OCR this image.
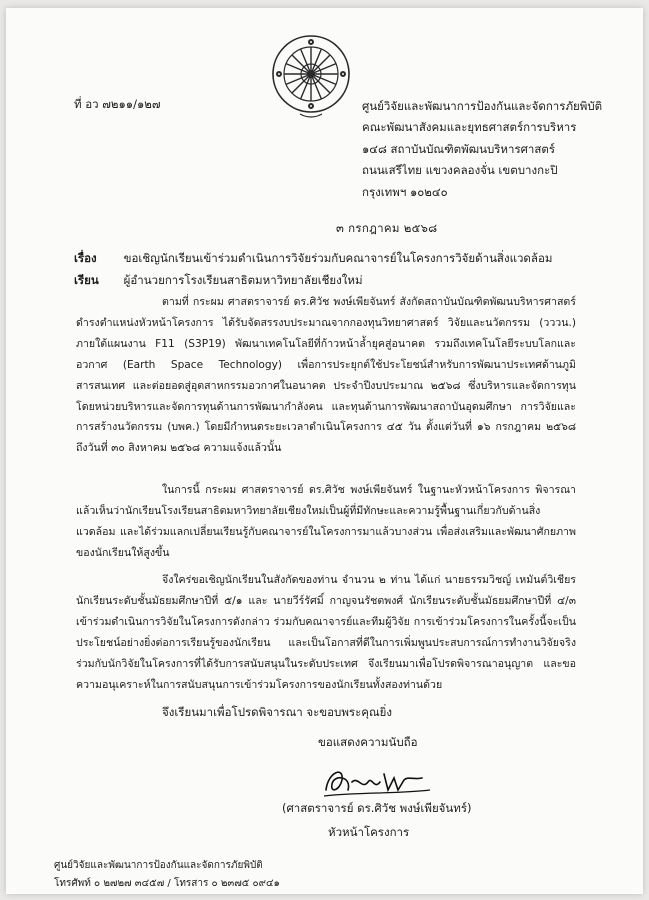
ที่ อว ๗๒๑๑/๑๒๗	ศูนย์วิจัยและพัฒนาการป้องกันและจัดการภัยพิบัติ
คณะพัฒนาสังคมและยุทธศาสตร์การบริหาร
๑๔๘ สถาบันบัณฑิตพัฒนบริหารศาสตร์
ถนนเสรีไทย แขวงคลองจั่น เขตบางกะปิ
กรุงเทพฯ ๑๐๒๔๐
๓ กรกฎาคม ๒๕๖๘
เรื่อง ขอเชิญนักเรียนเข้าร่วมดำเนินการวิจัยร่วมกับคณาจารย์ในโครงการวิจัยด้านสิ่งแวดล้อม
เรียน ผู้อำนวยการโรงเรียนสาธิตมหาวิทยาลัยเชียงใหม่
ตามที่ กระผม ศาสตราจารย์ ดร.ศิวัช พงษ์เพียจันทร์ สังกัดสถาบันบัณฑิตพัฒนบริหารศาสตร์ ดำรงตำแหน่งหัวหน้าโครงการ ได้รับจัดสรรงบประมาณจากกองทุนวิทยาศาสตร์ วิจัยและนวัตกรรม (วววน.) ภายใต้แผนงาน F11 (S3P19) พัฒนาเทคโนโลยีที่ก้าวหน้าล้ำยุคสู่อนาคต รวมถึงเทคโนโลยีระบบโลกและอวกาศ (Earth Space Technology) เพื่อการประยุกต์ใช้ประโยชน์สำหรับการพัฒนาประเทศด้านภูมิสารสนเทศ และต่อยอดสู่อุตสาหกรรมอวกาศในอนาคต ประจำปีงบประมาณ ๒๕๖๘ ซึ่งบริหารและจัดการทุนโดยหน่วยบริหารและจัดการทุนด้านการพัฒนากำลังคน และทุนด้านการพัฒนาสถาบันอุดมศึกษา การวิจัยและการสร้างนวัตกรรม (บพค.) โดยมีกำหนดระยะเวลาดำเนินโครงการ ๔๕ วัน ตั้งแต่วันที่ ๑๖ กรกฎาคม ๒๕๖๘ ถึงวันที่ ๓๐ สิงหาคม ๒๕๖๘ ความแจ้งแล้วนั้น
ในการนี้ กระผม ศาสตราจารย์ ดร.ศิวัช พงษ์เพียจันทร์ ในฐานะหัวหน้าโครงการ พิจารณาแล้วเห็นว่านักเรียนโรงเรียนสาธิตมหาวิทยาลัยเชียงใหม่เป็นผู้ที่มีทักษะและความรู้พื้นฐานเกี่ยวกับด้านสิ่งแวดล้อม และได้ร่วมแลกเปลี่ยนเรียนรู้กับคณาจารย์ในโครงการมาแล้วบางส่วน เพื่อส่งเสริมและพัฒนาศักยภาพของนักเรียนให้สูงขึ้น
จึงใคร่ขอเชิญนักเรียนในสังกัดของท่าน จำนวน ๒ ท่าน ได้แก่ นายธรรมวิชญ์ เหมันต์วิเชียร นักเรียนระดับชั้นมัธยมศึกษาปีที่ ๕/๑ และ นายวีร์รัศมิ์ กาญจนรัชตพงศ์ นักเรียนระดับชั้นมัธยมศึกษาปีที่ ๔/๓ เข้าร่วมดำเนินการวิจัยในโครงการดังกล่าว ร่วมกับคณาจารย์และทีมผู้วิจัย การเข้าร่วมโครงการในครั้งนี้จะเป็นประโยชน์อย่างยิ่งต่อการเรียนรู้ของนักเรียน และเป็นโอกาสที่ดีในการเพิ่มพูนประสบการณ์การทำงานวิจัยจริงร่วมกับนักวิจัยในโครงการที่ได้รับการสนับสนุนในระดับประเทศ จึงเรียนมาเพื่อโปรดพิจารณาอนุญาต และขอความอนุเคราะห์ในการสนับสนุนการเข้าร่วมโครงการของนักเรียนทั้งสองท่านด้วย
จึงเรียนมาเพื่อโปรดพิจารณา จะขอบพระคุณยิ่ง
ขอแสดงความนับถือ
(ศาสตราจารย์ ดร.ศิวัช พงษ์เพียจันทร์)
หัวหน้าโครงการ
ศูนย์วิจัยและพัฒนาการป้องกันและจัดการภัยพิบัติ
โทรศัพท์ ๐ ๒๗๒๗ ๓๔๕๗ / โทรสาร ๐ ๒๓๗๕ ๐๙๔๑
